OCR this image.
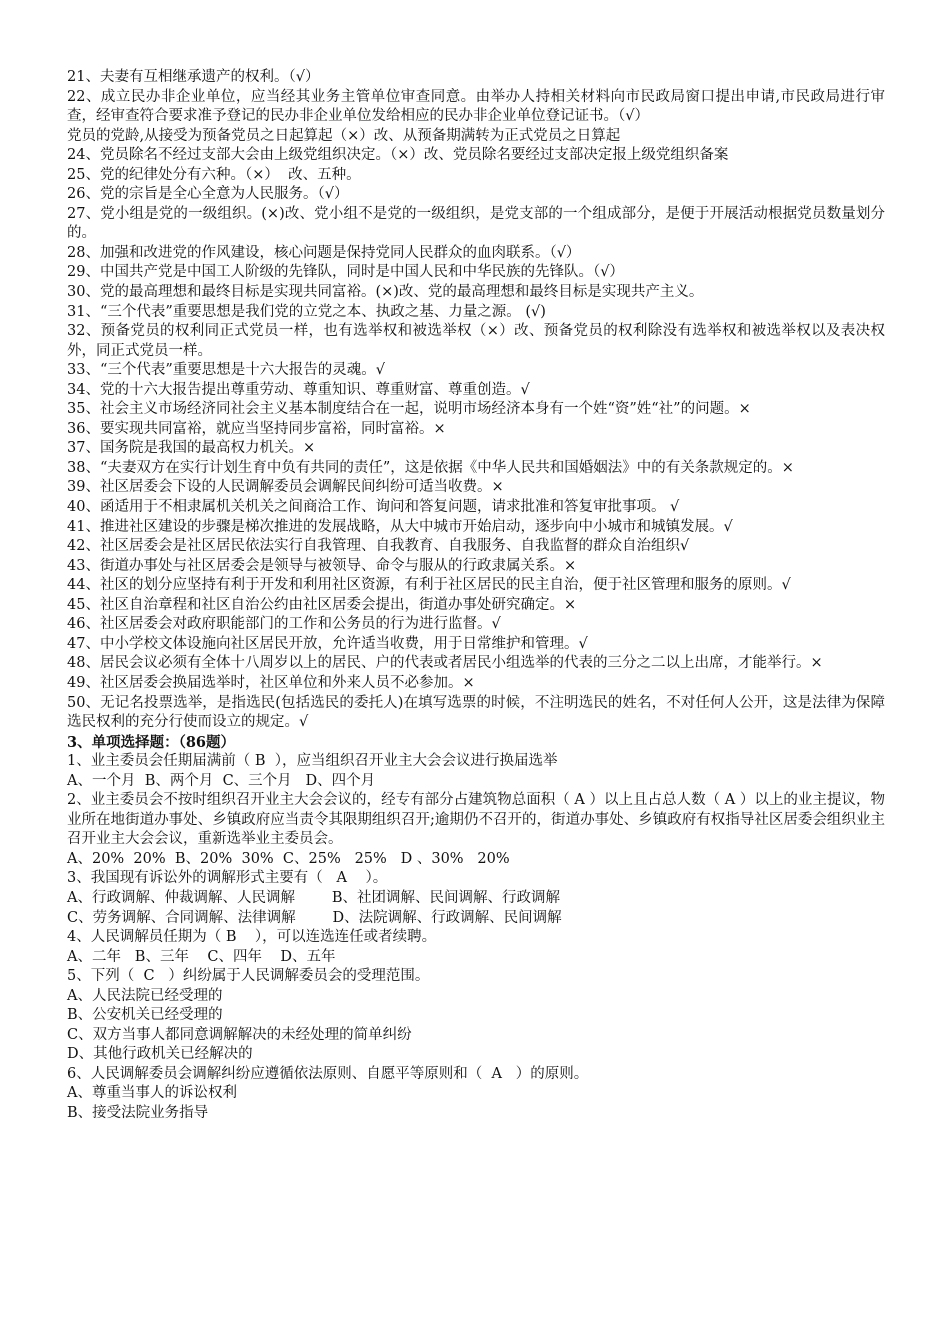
21、夫妻有互相继承遗产的权利。（√）

22、成立民办非企业单位，应当经其业务主管单位审查同意。由举办人持相关材料向市民政局窗口提出申请,市民政局进行审查，经审查符合要求准予登记的民办非企业单位发给相应的民办非企业单位登记证书。（√）

党员的党龄,从接受为预备党员之日起算起（×）改、从预备期满转为正式党员之日算起

24、党员除名不经过支部大会由上级党组织决定。（×）改、党员除名要经过支部决定报上级党组织备案

25、党的纪律处分有六种。（×）  改、五种。

26、党的宗旨是全心全意为人民服务。（√）

27、党小组是党的一级组织。(×)改、党小组不是党的一级组织，是党支部的一个组成部分，是便于开展活动根据党员数量划分的。

28、加强和改进党的作风建设，核心问题是保持党同人民群众的血肉联系。（√）

29、中国共产党是中国工人阶级的先锋队，同时是中国人民和中华民族的先锋队。（√）

30、党的最高理想和最终目标是实现共同富裕。(×)改、党的最高理想和最终目标是实现共产主义。

31、“三个代表”重要思想是我们党的立党之本、执政之基、力量之源。 (√)

32、预备党员的权利同正式党员一样，也有选举权和被选举权（×）改、预备党员的权利除没有选举权和被选举权以及表决权外，同正式党员一样。

33、“三个代表”重要思想是十六大报告的灵魂。√

34、党的十六大报告提出尊重劳动、尊重知识、尊重财富、尊重创造。√

35、社会主义市场经济同社会主义基本制度结合在一起，说明市场经济本身有一个姓“资”姓“社”的问题。×

36、要实现共同富裕，就应当坚持同步富裕，同时富裕。×

37、国务院是我国的最高权力机关。×

38、“夫妻双方在实行计划生育中负有共同的责任”，这是依据《中华人民共和国婚姻法》中的有关条款规定的。×

39、社区居委会下设的人民调解委员会调解民间纠纷可适当收费。×

40、函适用于不相隶属机关机关之间商洽工作、询问和答复问题，请求批准和答复审批事项。 √

41、推进社区建设的步骤是梯次推进的发展战略，从大中城市开始启动，逐步向中小城市和城镇发展。√

42、社区居委会是社区居民依法实行自我管理、自我教育、自我服务、自我监督的群众自治组织√

43、街道办事处与社区居委会是领导与被领导、命令与服从的行政隶属关系。×

44、社区的划分应坚持有利于开发和利用社区资源，有利于社区居民的民主自治，便于社区管理和服务的原则。√

45、社区自治章程和社区自治公约由社区居委会提出，街道办事处研究确定。×

46、社区居委会对政府职能部门的工作和公务员的行为进行监督。√

47、中小学校文体设施向社区居民开放，允许适当收费，用于日常维护和管理。√

48、居民会议必须有全体十八周岁以上的居民、户的代表或者居民小组选举的代表的三分之二以上出席，才能举行。×

49、社区居委会换届选举时，社区单位和外来人员不必参加。×

50、无记名投票选举，是指选民(包括选民的委托人)在填写选票的时候，不注明选民的姓名，不对任何人公开，这是法律为保障选民权利的充分行使而设立的规定。√

3、单项选择题：（86题）

1、业主委员会任期届满前（ B  ），应当组织召开业主大会会议进行换届选举

A、一个月  B、两个月  C、三个月   D、四个月

2、业主委员会不按时组织召开业主大会会议的，经专有部分占建筑物总面积（ A ）以上且占总人数（ A ）以上的业主提议，物业所在地街道办事处、乡镇政府应当责令其限期组织召开;逾期仍不召开的，街道办事处、乡镇政府有权指导社区居委会组织业主召开业主大会会议，重新选举业主委员会。

A、20%  20%  B、20%  30%  C、25%   25%   D 、30%   20%

3、我国现有诉讼外的调解形式主要有（   A    ）。

A、行政调解、仲裁调解、人民调解        B、社团调解、民间调解、行政调解

C、劳务调解、合同调解、法律调解        D、法院调解、行政调解、民间调解

4、人民调解员任期为（ B    ），可以连选连任或者续聘。

A、二年   B、三年    C、四年    D、五年

5、下列（  C   ）纠纷属于人民调解委员会的受理范围。

A、人民法院已经受理的

B、公安机关已经受理的

C、双方当事人都同意调解解决的未经处理的简单纠纷

D、其他行政机关已经解决的

6、人民调解委员会调解纠纷应遵循依法原则、自愿平等原则和（  A   ）的原则。

A、尊重当事人的诉讼权利

B、接受法院业务指导
